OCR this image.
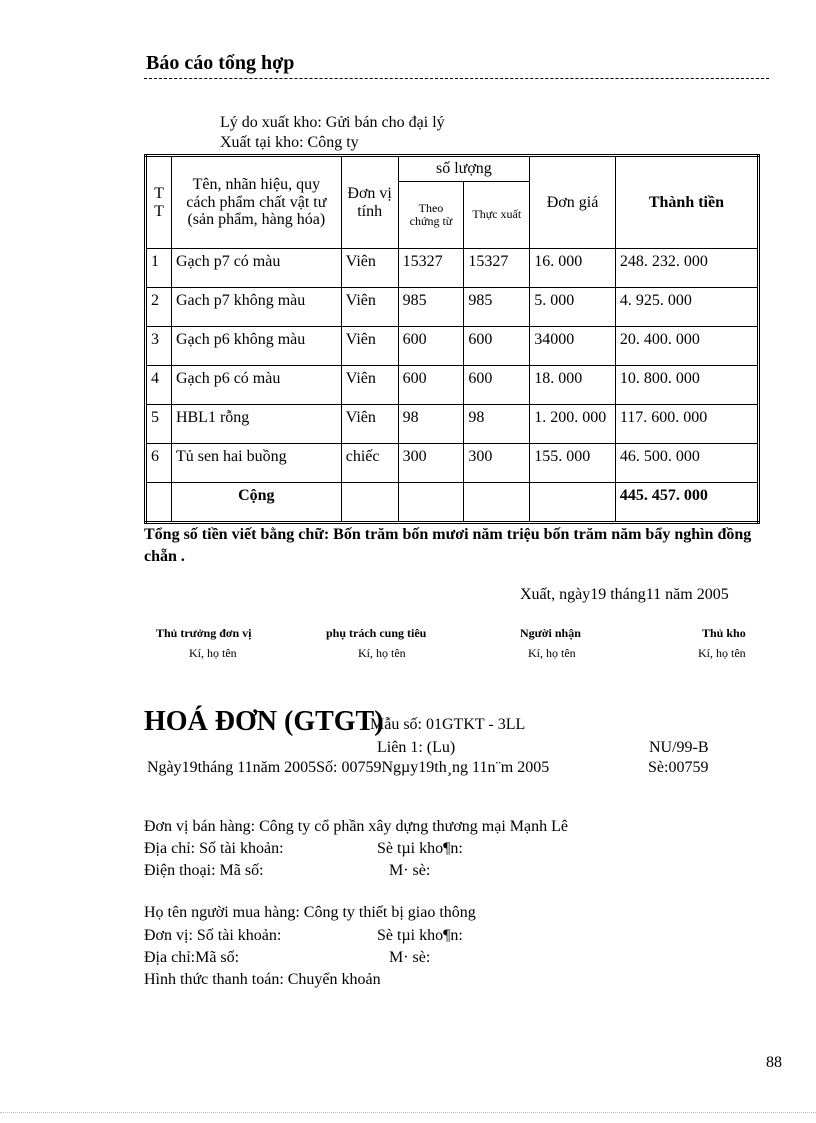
Báo cáo tổng hợp
Lý do xuất kho: Gửi bán cho đại lý
Xuất tại kho: Công ty
T T	Tên, nhãn hiệu, quy cách phẩm chất vật tư (sản phẩm, hàng hóa)	Đơn vị tính	số lượng		Đơn giá	Thành tiền
			Theo chứng từ	Thực xuất		
1	Gạch p7 có màu	Viên	15327	15327	16. 000	248. 232. 000
2	Gach p7 không màu	Viên	985	985	5. 000	4. 925. 000
3	Gạch p6 không màu	Viên	600	600	34000	20. 400. 000
4	Gạch p6 có màu	Viên	600	600	18. 000	10. 800. 000
5	HBL1 rỗng	Viên	98	98	1. 200. 000	117. 600. 000
6	Tủ sen hai buồng	chiếc	300	300	155. 000	46. 500. 000
	Cộng					445. 457. 000
Tổng số tiền viết bằng chữ: Bốn trăm bốn mươi năm triệu bốn trăm năm bẩy nghìn đồng chẵn .
Xuất, ngày19 tháng11 năm 2005
Thủ trưởng đơn vị
Kí, họ tên
phụ trách cung tiêu
Kí, họ tên
Người nhận
Kí, họ tên
Thủ kho
Kí, họ tên
HOÁ ĐƠN (GTGT)
Mẫu số: 01GTKT - 3LL
Liên 1: (Lu)	NU/99-B
Ngày19tháng 11năm 2005Số: 00759Ngµy19th¸ng 11n¨m 2005	Sè:00759
Đơn vị bán hàng: Công ty cổ phần xây dựng thương mại Mạnh Lê
Địa chỉ: Số tài khoản:	Sè tµi kho¶n:
Điện thoại: Mã số:	M· sè:
Họ tên người mua hàng: Công ty thiết bị giao thông
Đơn vị: Số tài khoản:	Sè tµi kho¶n:
Địa chỉ:Mã số:	M· sè:
Hình thức thanh toán: Chuyển khoản
88
